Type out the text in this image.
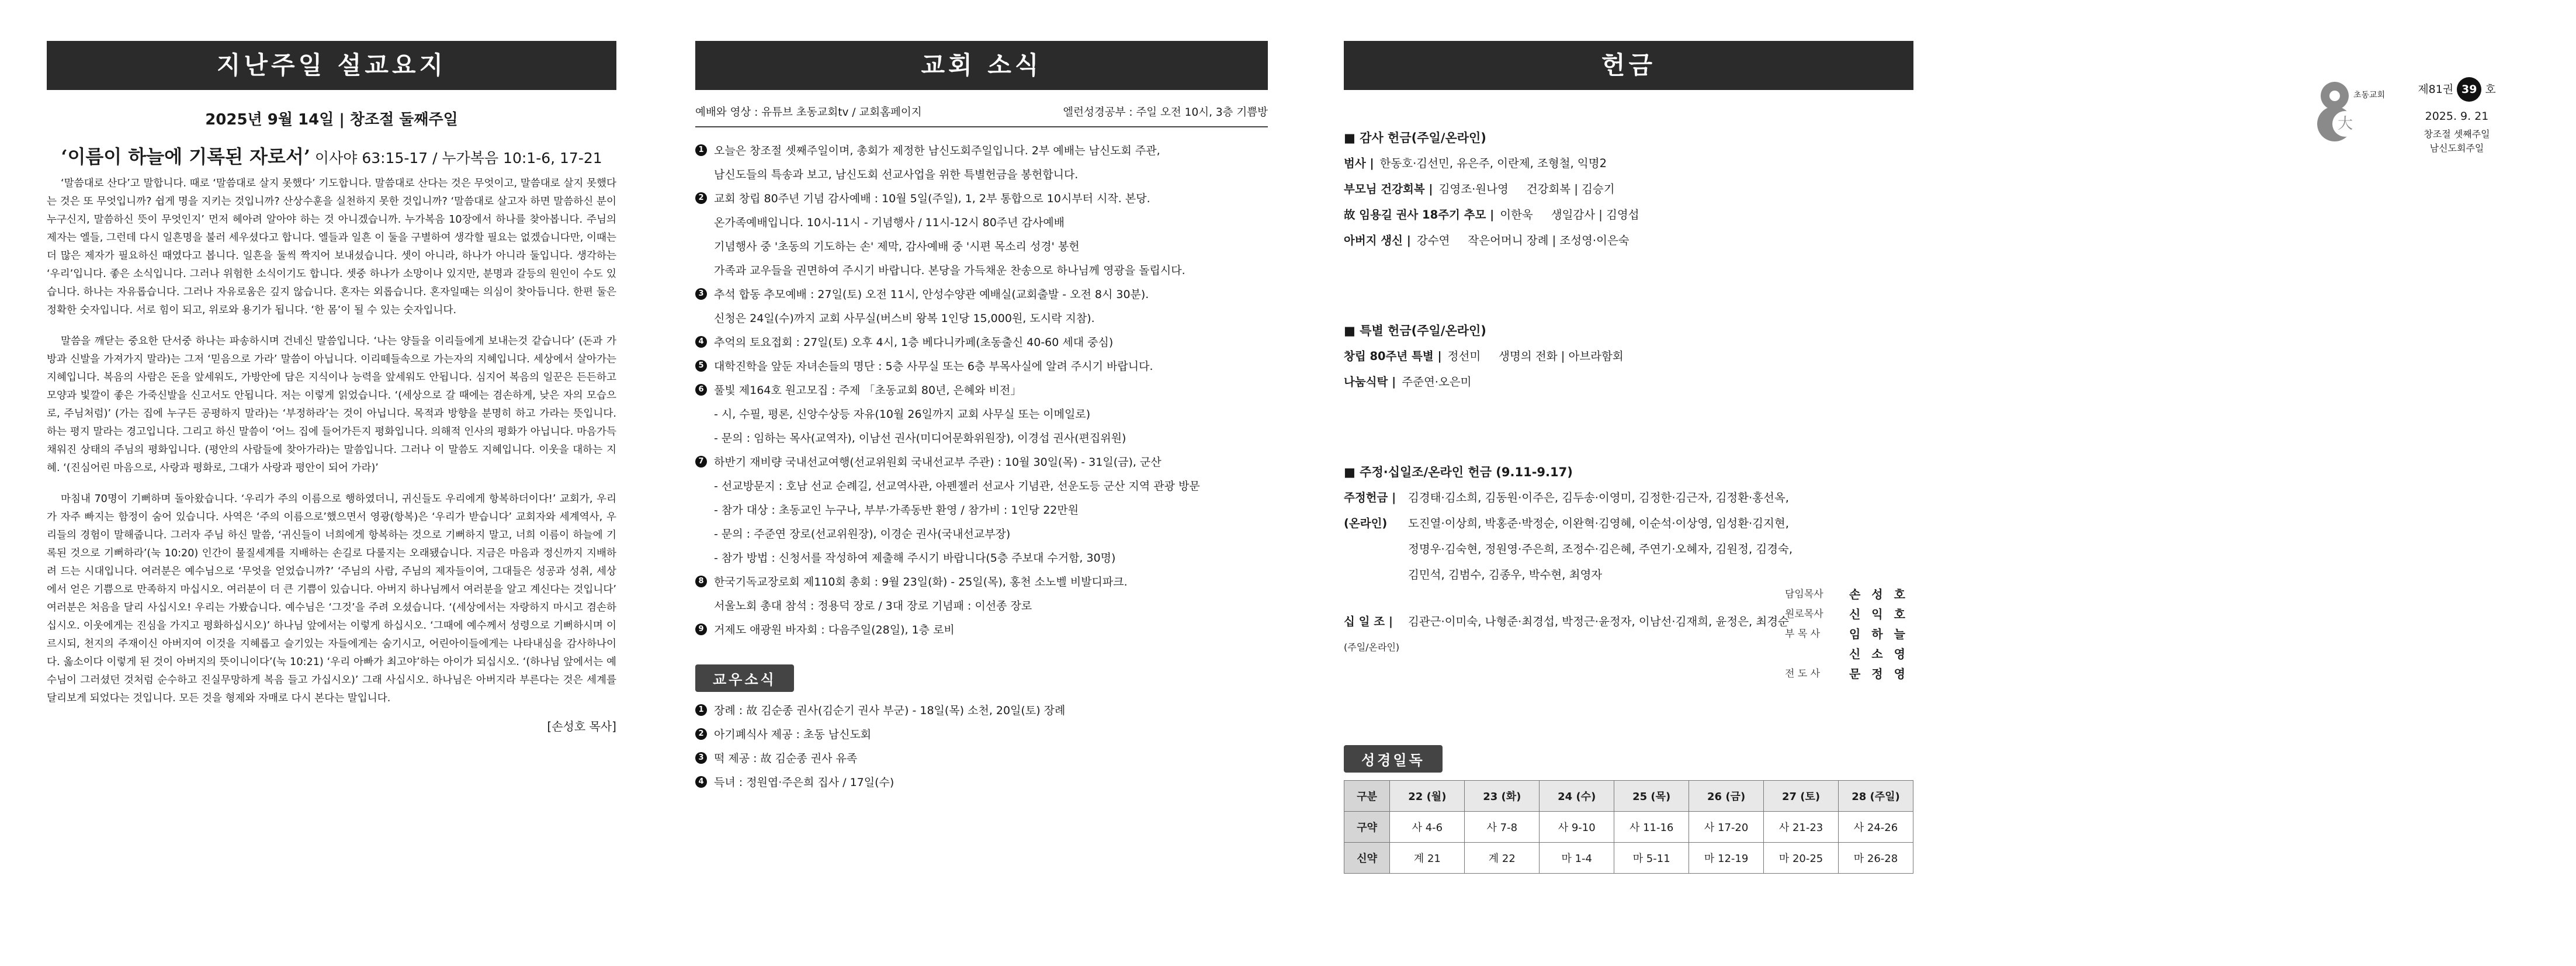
지난주일 설교요지
2025년 9월 14일 | 창조절 둘째주일
‘이름이 하늘에 기록된 자로서’ 이사야 63:15-17 / 누가복음 10:1-6, 17-21

‘말씀대로 산다’고 말합니다. 때로 ‘말씀대로 살지 못했다’ 기도합니다. 말씀대로 산다는 것은 무엇이고, 말씀대로 살지 못했다는 것은 또 무엇입니까? 쉽게 명을 지키는 것입니까? 산상수훈을 실천하지 못한 것입니까? ‘말씀대로 살고자 하면 말씀하신 분이 누구신지, 말씀하신 뜻이 무엇인지’ 먼저 헤아려 알아야 하는 것 아니겠습니까. 누가복음 10장에서 하나를 찾아봅니다. 주님의 제자는 엘들, 그런데 다시 일흔명을 불러 세우셨다고 합니다. 엘들과 일흔 이 둘을 구별하여 생각할 필요는 없겠습니다만, 이때는 더 많은 제자가 필요하신 때였다고 봅니다. 일흔을 둘씩 짝지어 보내셨습니다. 셋이 아니라, 하나가 아니라 둘입니다. 생각하는 ‘우리’입니다. 좋은 소식입니다. 그러나 위험한 소식이기도 합니다. 셋중 하나가 소망이나 있지만, 분명과 갈등의 원인이 수도 있습니다. 하나는 자유롭습니다. 그러나 자유로움은 깊지 않습니다. 혼자는 외롭습니다. 혼자일때는 의심이 찾아듭니다. 한편 둘은 정확한 숫자입니다. 서로 힘이 되고, 위로와 용기가 됩니다. ‘한 몸’이 될 수 있는 숫자입니다.

말씀을 깨닫는 중요한 단서중 하나는 파송하시며 건네신 말씀입니다. ‘나는 양들을 이리들에게 보내는것 같습니다’ (돈과 가방과 신발을 가져가지 말라)는 그저 ‘믿음으로 가라’ 말씀이 아닙니다. 이리떼들속으로 가는자의 지혜입니다. 세상에서 살아가는 지혜입니다. 복음의 사람은 돈을 앞세워도, 가방안에 담은 지식이나 능력을 앞세워도 안됩니다. 심지어 복음의 일꾼은 든든하고 모양과 빛깔이 좋은 가죽신발을 신고서도 안됩니다. 저는 이렇게 읽었습니다. ‘(세상으로 갈 때에는 겸손하게, 낮은 자의 모습으로, 주님처럼)’ (가는 집에 누구든 공평하지 말라)는 ‘부정하라’는 것이 아닙니다. 목적과 방향을 분명히 하고 가라는 뜻입니다. 하는 평지 말라는 경고입니다. 그리고 하신 말씀이 ‘어느 집에 들어가든지 평화입니다. 의해적 인사의 평화가 아닙니다. 마음가득 채워진 상태의 주님의 평화입니다. (평안의 사람들에 찾아가라)는 말씀입니다. 그러나 이 말씀도 지혜입니다. 이웃을 대하는 지혜. ‘(진심어린 마음으로, 사랑과 평화로, 그대가 사랑과 평안이 되어 가라)’

마침내 70명이 기뻐하며 돌아왔습니다. ‘우리가 주의 이름으로 행하였더니, 귀신들도 우리에게 항복하더이다!’ 교회가, 우리가 자주 빠지는 함정이 숨어 있습니다. 사역은 ‘주의 이름으로’했으면서 영광(항복)은 ‘우리가 받습니다’ 교회자와 세계역사, 우리들의 경험이 말해줍니다. 그러자 주님 하신 말씀, ‘귀신들이 너희에게 항복하는 것으로 기뻐하지 말고, 너희 이름이 하늘에 기록된 것으로 기뻐하라’(눅 10:20) 인간이 물질세계를 지배하는 손길로 다룰지는 오래됐습니다. 지금은 마음과 정신까지 지배하려 드는 시대입니다. 여러분은 예수님으로 ‘무엇을 얻었습니까?’ ‘주님의 사람, 주님의 제자들이여, 그대들은 성공과 성취, 세상에서 얻은 기쁨으로 만족하지 마십시오. 여러분이 더 큰 기쁨이 있습니다. 아버지 하나님께서 여러분을 알고 계신다는 것입니다’ 여러분은 처음을 달리 사십시오! 우리는 가봤습니다. 예수님은 ‘그것’을 주려 오셨습니다. ‘(세상에서는 자랑하지 마시고 겸손하십시오. 이웃에게는 진심을 가지고 평화하십시오)’ 하나님 앞에서는 이렇게 하십시오. ‘그때에 예수께서 성령으로 기뻐하시며 이르시되, 천지의 주재이신 아버지여 이것을 지혜롭고 슬기있는 자들에게는 숨기시고, 어린아이들에게는 나타내심을 감사하나이다. 옳소이다 이렇게 된 것이 아버지의 뜻이니이다’(눅 10:21) ‘우리 아빠가 최고야’하는 아이가 되십시오. ‘(하나님 앞에서는 예수님이 그러셨던 것처럼 순수하고 진실무망하게 복음 들고 가십시오)’ 그래 사십시오. 하나님은 아버지라 부른다는 것은 세계를 달리보게 되었다는 것입니다. 모든 것을 형제와 자매로 다시 본다는 말입니다.

[손성호 목사]
교회 소식
예배와 영상 : 유튜브 초동교회tv / 교회홈페이지	엘런성경공부 : 주일 오전 10시, 3층 기쁨방
1 오늘은 창조절 셋째주일이며, 총회가 제정한 남신도회주일입니다. 2부 예배는 남신도회 주관,
남신도들의 특송과 보고, 남신도회 선교사업을 위한 특별헌금을 봉헌합니다.
2 교회 창립 80주년 기념 감사예배 : 10월 5일(주일), 1, 2부 통합으로 10시부터 시작. 본당.
온가족예배입니다. 10시-11시 - 기념행사 / 11시-12시 80주년 감사예배
기념행사 중 '초동의 기도하는 손' 제막, 감사예배 중 '시편 목소리 성경' 봉헌
가족과 교우들을 권면하여 주시기 바랍니다. 본당을 가득채운 찬송으로 하나님께 영광을 돌립시다.
3 추석 합동 추모예배 : 27일(토) 오전 11시, 안성수양관 예배실(교회출발 - 오전 8시 30분).
신청은 24일(수)까지 교회 사무실(버스비 왕복 1인당 15,000원, 도시락 지참).
4 추억의 토요접회 : 27일(토) 오후 4시, 1층 베다니카페(초동출신 40-60 세대 중심)
5 대학진학을 앞둔 자녀손들의 명단 : 5층 사무실 또는 6층 부목사실에 알려 주시기 바랍니다.
6 풀빛 제164호 원고모집 : 주제 「초동교회 80년, 은혜와 비전」
- 시, 수필, 평론, 신앙수상등 자유(10월 26일까지 교회 사무실 또는 이메일로)
- 문의 : 임하는 목사(교역자), 이남선 권사(미디어문화위원장), 이경섭 권사(편집위원)
7 하반기 재비량 국내선교여행(선교위원회 국내선교부 주관) : 10월 30일(목) - 31일(금), 군산
- 선교방문지 : 호남 선교 순례길, 선교역사관, 아펜젤러 선교사 기념관, 선운도등 군산 지역 관광 방문
- 참가 대상 : 초동교인 누구나, 부부·가족동반 환영 / 참가비 : 1인당 22만원
- 문의 : 주준연 장로(선교위원장), 이경순 권사(국내선교부장)
- 참가 방법 : 신청서를 작성하여 제출해 주시기 바랍니다(5층 주보대 수거함, 30명)
8 한국기독교장로회 제110회 총회 : 9월 23일(화) - 25일(목), 홍천 소노벨 비발디파크.
서울노회 총대 참석 : 정용덕 장로 / 3대 장로 기념패 : 이선종 장로
9 거제도 애광원 바자회 : 다음주일(28일), 1층 로비
교우소식
1 장례 : 故 김순종 권사(김순기 권사 부군) - 18일(목) 소천, 20일(토) 장례
2 아기폐식사 제공 : 초동 남신도회
3 떡 제공 : 故 김순종 권사 유족
4 득녀 : 정원엽·주은희 집사 / 17일(수)
헌금
■ 감사 헌금(주일/온라인)
범사 | 한동호·김선민, 유은주, 이란제, 조형철, 익명2
부모님 건강회복 | 김영조·원나영     건강회복 | 김승기
故 임용길 권사 18주기 추모 | 이한욱     생일감사 | 김영섭
아버지 생신 | 강수연     작은어머니 장례 | 조성영·이은숙
■ 특별 헌금(주일/온라인)
창립 80주년 특별 | 정선미     생명의 전화 | 아브라함회
나눔식탁 | 주준연·오은미
■ 주정·십일조/온라인 헌금 (9.11-9.17)
주정헌금 |
(온라인)
김경태·김소희, 김동원·이주은, 김두송·이영미, 김정한·김근자, 김정환·홍선옥,
도진열·이상희, 박홍준·박정순, 이완혁·김영혜, 이순석·이상영, 임성환·김지현,
정명우·김숙현, 정원영·주은희, 조정수·김은혜, 주연기·오혜자, 김원정, 김경숙,
김민석, 김범수, 김종우, 박수현, 최영자
십 일 조 |
(주일/온라인)
김관근·이미숙, 나형준·최경섭, 박정근·윤정자, 이남선·김재희, 윤정은, 최경순
담임목사	손 성 호
원로목사	신 익 호
부 목 사	임 하 늘
신 소 영
전 도 사	문 정 영
성경일독
구분	22 (월)	23 (화)	24 (수)	25 (목)	26 (금)	27 (토)	28 (주일)
구약	사 4-6	사 7-8	사 9-10	사 11-16	사 17-20	사 21-23	사 24-26
신약	계 21	계 22	마 1-4	마 5-11	마 12-19	마 20-25	마 26-28
大
초동교회	제81권 39 호
2025. 9. 21
창조절 셋째주일
남신도회주일
